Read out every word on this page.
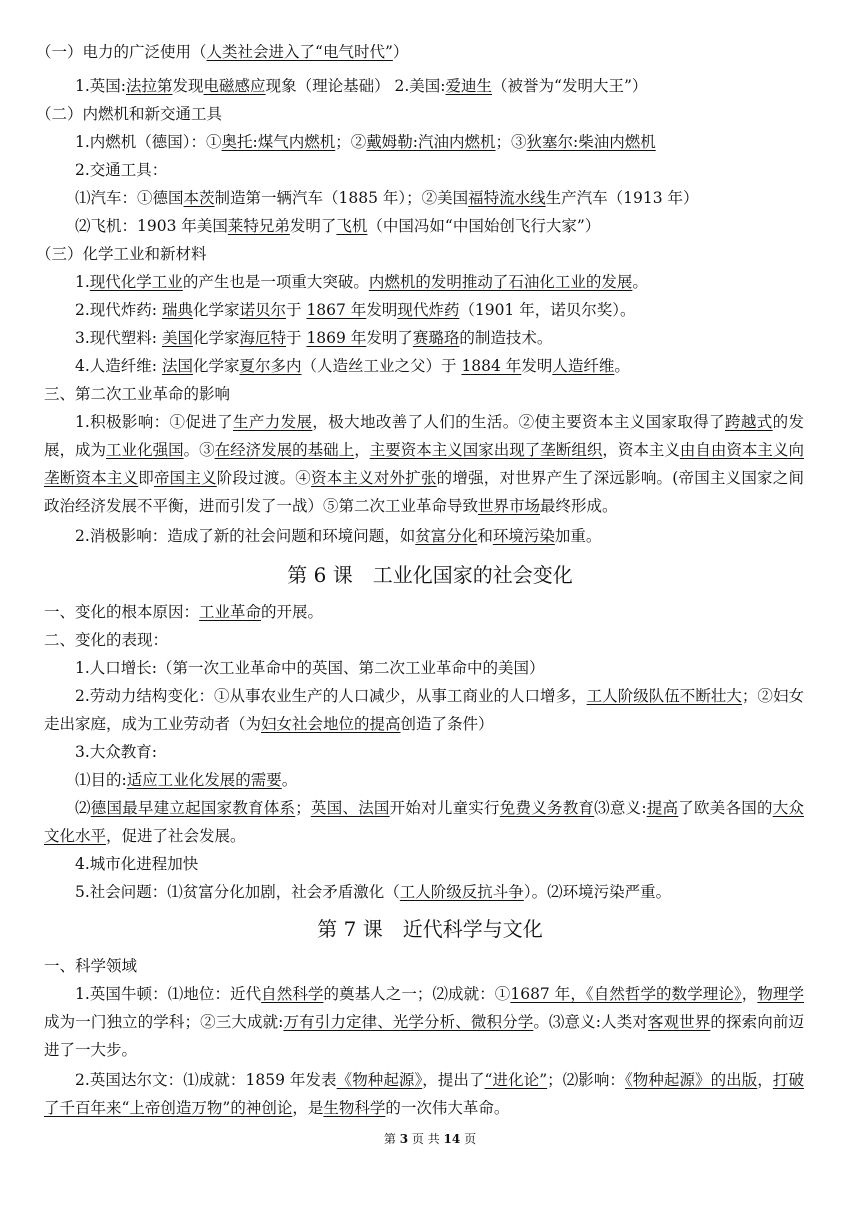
（一）电力的广泛使用（人类社会进入了“电气时代”）
1.英国:法拉第发现电磁感应现象（理论基础） 2.美国:爱迪生（被誉为“发明大王”）
（二）内燃机和新交通工具
1.内燃机（德国）：①奥托:煤气内燃机；②戴姆勒:汽油内燃机；③狄塞尔:柴油内燃机
2.交通工具：
⑴汽车：①德国本茨制造第一辆汽车（1885 年）；②美国福特流水线生产汽车（1913 年）
⑵飞机：1903 年美国莱特兄弟发明了飞机（中国冯如“中国始创飞行大家”）
（三）化学工业和新材料
1.现代化学工业的产生也是一项重大突破。内燃机的发明推动了石油化工业的发展。
2.现代炸药: 瑞典化学家诺贝尔于 1867 年发明现代炸药（1901 年，诺贝尔奖）。
3.现代塑料: 美国化学家海厄特于 1869 年发明了赛璐珞的制造技术。
4.人造纤维: 法国化学家夏尔多内（人造丝工业之父）于 1884 年发明人造纤维。
三、第二次工业革命的影响
1.积极影响：①促进了生产力发展，极大地改善了人们的生活。②使主要资本主义国家取得了跨越式的发展，成为工业化强国。③在经济发展的基础上，主要资本主义国家出现了垄断组织，资本主义由自由资本主义向垄断资本主义即帝国主义阶段过渡。④资本主义对外扩张的增强，对世界产生了深远影响。(帝国主义国家之间政治经济发展不平衡，进而引发了一战）⑤第二次工业革命导致世界市场最终形成。
2.消极影响：造成了新的社会问题和环境问题，如贫富分化和环境污染加重。
第 6 课　工业化国家的社会变化
一、变化的根本原因：工业革命的开展。
二、变化的表现：
1.人口增长:（第一次工业革命中的英国、第二次工业革命中的美国）
2.劳动力结构变化：①从事农业生产的人口减少，从事工商业的人口增多，工人阶级队伍不断壮大；②妇女走出家庭，成为工业劳动者（为妇女社会地位的提高创造了条件）
3.大众教育:
⑴目的:适应工业化发展的需要。
⑵德国最早建立起国家教育体系；英国、法国开始对儿童实行免费义务教育⑶意义:提高了欧美各国的大众文化水平，促进了社会发展。
4.城市化进程加快
5.社会问题：⑴贫富分化加剧，社会矛盾激化（工人阶级反抗斗争）。⑵环境污染严重。
第 7 课　近代科学与文化
一、科学领域
1.英国牛顿：⑴地位：近代自然科学的奠基人之一；⑵成就：①1687 年，《自然哲学的数学理论》，物理学成为一门独立的学科；②三大成就:万有引力定律、光学分析、微积分学。⑶意义:人类对客观世界的探索向前迈进了一大步。
2.英国达尔文：⑴成就：1859 年发表《物种起源》，提出了“进化论”；⑵影响：《物种起源》的出版，打破了千百年来“上帝创造万物”的神创论，是生物科学的一次伟大革命。
第 3 页 共 14 页
